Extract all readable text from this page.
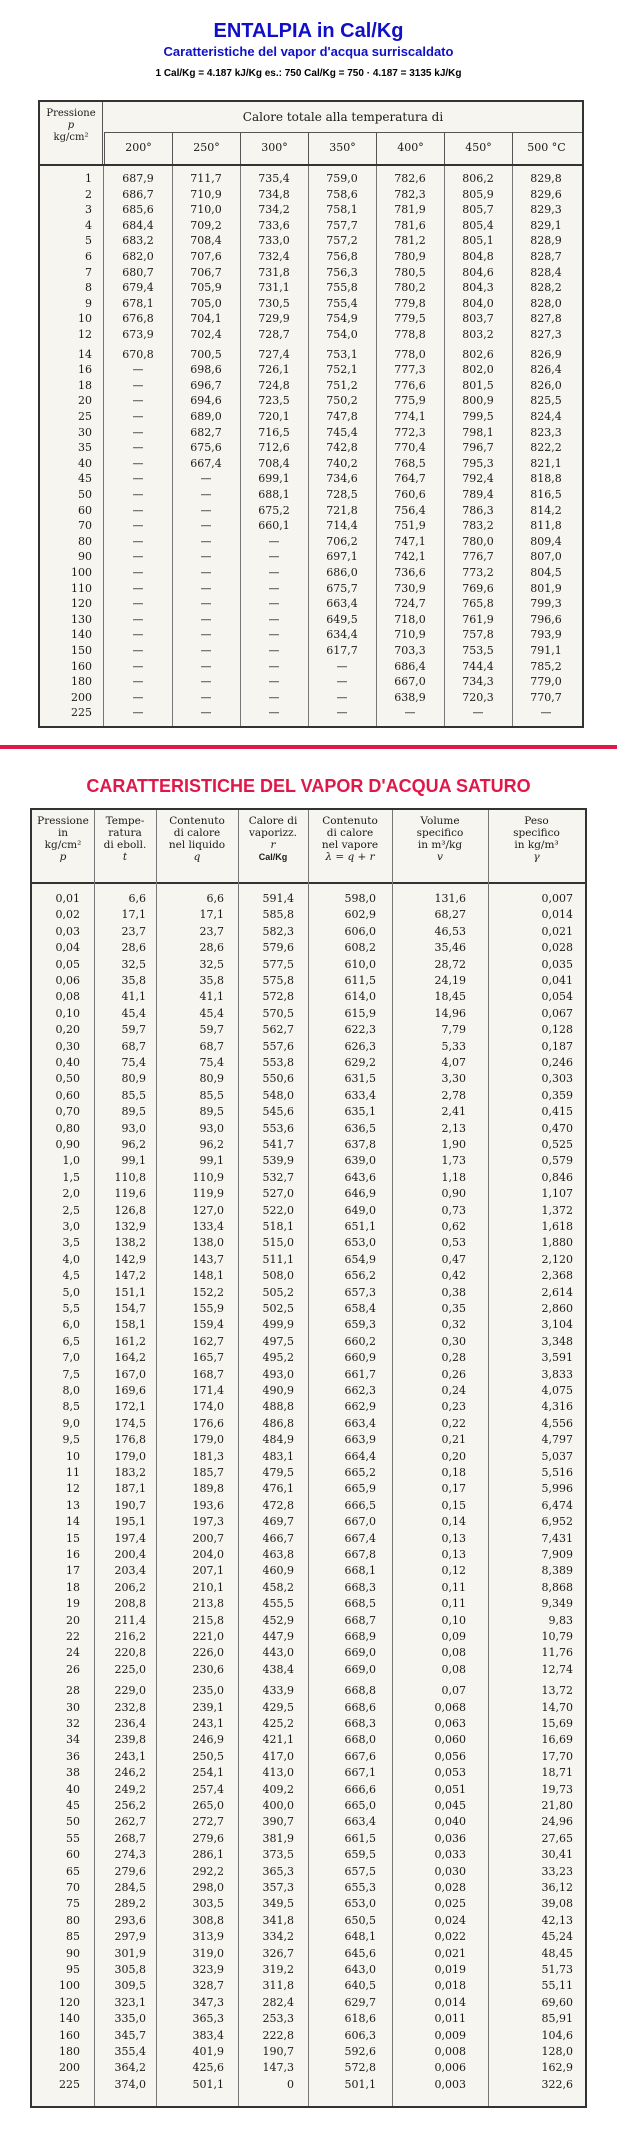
ENTALPIA in Cal/Kg
Caratteristiche del vapor d'acqua surriscaldato
1 Cal/Kg = 4.187 kJ/Kg es.: 750 Cal/Kg = 750 · 4.187 = 3135 kJ/Kg
Pressione
p
kg/cm²
Calore totale alla temperatura di
200°	250°	300°	350°	400°	450°	500 °C
1	687,9	711,7	735,4	759,0	782,6	806,2	829,8
2	686,7	710,9	734,8	758,6	782,3	805,9	829,6
3	685,6	710,0	734,2	758,1	781,9	805,7	829,3
4	684,4	709,2	733,6	757,7	781,6	805,4	829,1
5	683,2	708,4	733,0	757,2	781,2	805,1	828,9
6	682,0	707,6	732,4	756,8	780,9	804,8	828,7
7	680,7	706,7	731,8	756,3	780,5	804,6	828,4
8	679,4	705,9	731,1	755,8	780,2	804,3	828,2
9	678,1	705,0	730,5	755,4	779,8	804,0	828,0
10	676,8	704,1	729,9	754,9	779,5	803,7	827,8
12	673,9	702,4	728,7	754,0	778,8	803,2	827,3
14	670,8	700,5	727,4	753,1	778,0	802,6	826,9
16	—	698,6	726,1	752,1	777,3	802,0	826,4
18	—	696,7	724,8	751,2	776,6	801,5	826,0
20	—	694,6	723,5	750,2	775,9	800,9	825,5
25	—	689,0	720,1	747,8	774,1	799,5	824,4
30	—	682,7	716,5	745,4	772,3	798,1	823,3
35	—	675,6	712,6	742,8	770,4	796,7	822,2
40	—	667,4	708,4	740,2	768,5	795,3	821,1
45	—	—	699,1	734,6	764,7	792,4	818,8
50	—	—	688,1	728,5	760,6	789,4	816,5
60	—	—	675,2	721,8	756,4	786,3	814,2
70	—	—	660,1	714,4	751,9	783,2	811,8
80	—	—	—	706,2	747,1	780,0	809,4
90	—	—	—	697,1	742,1	776,7	807,0
100	—	—	—	686,0	736,6	773,2	804,5
110	—	—	—	675,7	730,9	769,6	801,9
120	—	—	—	663,4	724,7	765,8	799,3
130	—	—	—	649,5	718,0	761,9	796,6
140	—	—	—	634,4	710,9	757,8	793,9
150	—	—	—	617,7	703,3	753,5	791,1
160	—	—	—	—	686,4	744,4	785,2
180	—	—	—	—	667,0	734,3	779,0
200	—	—	—	—	638,9	720,3	770,7
225	—	—	—	—	—	—	—
CARATTERISTICHE DEL VAPOR D'ACQUA SATURO
Pressione
in
kg/cm²
p
Tempe-
ratura
di eboll.
t
Contenuto
di calore
nel liquido
q
Calore di
vaporizz.
r
Cal/Kg
Contenuto
di calore
nel vapore
λ = q + r
Volume
specifico
in m³/kg
v
Peso
specifico
in kg/m³
γ
0,01	6,6	6,6	591,4	598,0	131,6	0,007
0,02	17,1	17,1	585,8	602,9	68,27	0,014
0,03	23,7	23,7	582,3	606,0	46,53	0,021
0,04	28,6	28,6	579,6	608,2	35,46	0,028
0,05	32,5	32,5	577,5	610,0	28,72	0,035
0,06	35,8	35,8	575,8	611,5	24,19	0,041
0,08	41,1	41,1	572,8	614,0	18,45	0,054
0,10	45,4	45,4	570,5	615,9	14,96	0,067
0,20	59,7	59,7	562,7	622,3	7,79	0,128
0,30	68,7	68,7	557,6	626,3	5,33	0,187
0,40	75,4	75,4	553,8	629,2	4,07	0,246
0,50	80,9	80,9	550,6	631,5	3,30	0,303
0,60	85,5	85,5	548,0	633,4	2,78	0,359
0,70	89,5	89,5	545,6	635,1	2,41	0,415
0,80	93,0	93,0	553,6	636,5	2,13	0,470
0,90	96,2	96,2	541,7	637,8	1,90	0,525
1,0	99,1	99,1	539,9	639,0	1,73	0,579
1,5	110,8	110,9	532,7	643,6	1,18	0,846
2,0	119,6	119,9	527,0	646,9	0,90	1,107
2,5	126,8	127,0	522,0	649,0	0,73	1,372
3,0	132,9	133,4	518,1	651,1	0,62	1,618
3,5	138,2	138,0	515,0	653,0	0,53	1,880
4,0	142,9	143,7	511,1	654,9	0,47	2,120
4,5	147,2	148,1	508,0	656,2	0,42	2,368
5,0	151,1	152,2	505,2	657,3	0,38	2,614
5,5	154,7	155,9	502,5	658,4	0,35	2,860
6,0	158,1	159,4	499,9	659,3	0,32	3,104
6,5	161,2	162,7	497,5	660,2	0,30	3,348
7,0	164,2	165,7	495,2	660,9	0,28	3,591
7,5	167,0	168,7	493,0	661,7	0,26	3,833
8,0	169,6	171,4	490,9	662,3	0,24	4,075
8,5	172,1	174,0	488,8	662,9	0,23	4,316
9,0	174,5	176,6	486,8	663,4	0,22	4,556
9,5	176,8	179,0	484,9	663,9	0,21	4,797
10	179,0	181,3	483,1	664,4	0,20	5,037
11	183,2	185,7	479,5	665,2	0,18	5,516
12	187,1	189,8	476,1	665,9	0,17	5,996
13	190,7	193,6	472,8	666,5	0,15	6,474
14	195,1	197,3	469,7	667,0	0,14	6,952
15	197,4	200,7	466,7	667,4	0,13	7,431
16	200,4	204,0	463,8	667,8	0,13	7,909
17	203,4	207,1	460,9	668,1	0,12	8,389
18	206,2	210,1	458,2	668,3	0,11	8,868
19	208,8	213,8	455,5	668,5	0,11	9,349
20	211,4	215,8	452,9	668,7	0,10	9,83
22	216,2	221,0	447,9	668,9	0,09	10,79
24	220,8	226,0	443,0	669,0	0,08	11,76
26	225,0	230,6	438,4	669,0	0,08	12,74
28	229,0	235,0	433,9	668,8	0,07	13,72
30	232,8	239,1	429,5	668,6	0,068	14,70
32	236,4	243,1	425,2	668,3	0,063	15,69
34	239,8	246,9	421,1	668,0	0,060	16,69
36	243,1	250,5	417,0	667,6	0,056	17,70
38	246,2	254,1	413,0	667,1	0,053	18,71
40	249,2	257,4	409,2	666,6	0,051	19,73
45	256,2	265,0	400,0	665,0	0,045	21,80
50	262,7	272,7	390,7	663,4	0,040	24,96
55	268,7	279,6	381,9	661,5	0,036	27,65
60	274,3	286,1	373,5	659,5	0,033	30,41
65	279,6	292,2	365,3	657,5	0,030	33,23
70	284,5	298,0	357,3	655,3	0,028	36,12
75	289,2	303,5	349,5	653,0	0,025	39,08
80	293,6	308,8	341,8	650,5	0,024	42,13
85	297,9	313,9	334,2	648,1	0,022	45,24
90	301,9	319,0	326,7	645,6	0,021	48,45
95	305,8	323,9	319,2	643,0	0,019	51,73
100	309,5	328,7	311,8	640,5	0,018	55,11
120	323,1	347,3	282,4	629,7	0,014	69,60
140	335,0	365,3	253,3	618,6	0,011	85,91
160	345,7	383,4	222,8	606,3	0,009	104,6
180	355,4	401,9	190,7	592,6	0,008	128,0
200	364,2	425,6	147,3	572,8	0,006	162,9
225	374,0	501,1	0	501,1	0,003	322,6
